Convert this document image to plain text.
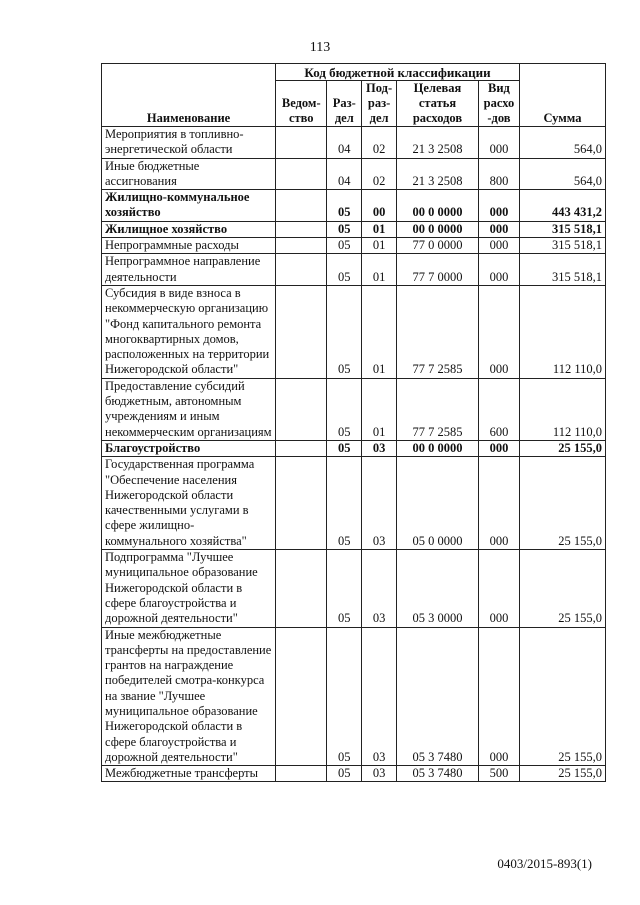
113
Наименование	Код бюджетной классификации					Сумма
	Ведом-ство	Раз-дел	Под-раз-дел	Целевая статья расходов	Вид расхо -дов	
Мероприятия в топливно-энергетической области		04	02	21 3 2508	000	564,0
Иные бюджетные ассигнования		04	02	21 3 2508	800	564,0
Жилищно-коммунальное хозяйство		05	00	00 0 0000	000	443 431,2
Жилищное хозяйство		05	01	00 0 0000	000	315 518,1
Непрограммные расходы		05	01	77 0 0000	000	315 518,1
Непрограммное направление деятельности		05	01	77 7 0000	000	315 518,1
Субсидия в виде взноса в некоммерческую организацию "Фонд капитального ремонта многоквартирных домов, расположенных на территории Нижегородской области"		05	01	77 7 2585	000	112 110,0
Предоставление субсидий бюджетным, автономным учреждениям и иным некоммерческим организациям		05	01	77 7 2585	600	112 110,0
Благоустройство		05	03	00 0 0000	000	25 155,0
Государственная программа "Обеспечение населения Нижегородской области качественными услугами в сфере жилищно-коммунального хозяйства"		05	03	05 0 0000	000	25 155,0
Подпрограмма "Лучшее муниципальное образование Нижегородской области в сфере благоустройства и дорожной деятельности"		05	03	05 3 0000	000	25 155,0
Иные межбюджетные трансферты на предоставление грантов на награждение победителей смотра-конкурса на звание "Лучшее муниципальное образование Нижегородской области в сфере благоустройства и дорожной деятельности"		05	03	05 3 7480	000	25 155,0
Межбюджетные трансферты		05	03	05 3 7480	500	25 155,0
0403/2015-893(1)
